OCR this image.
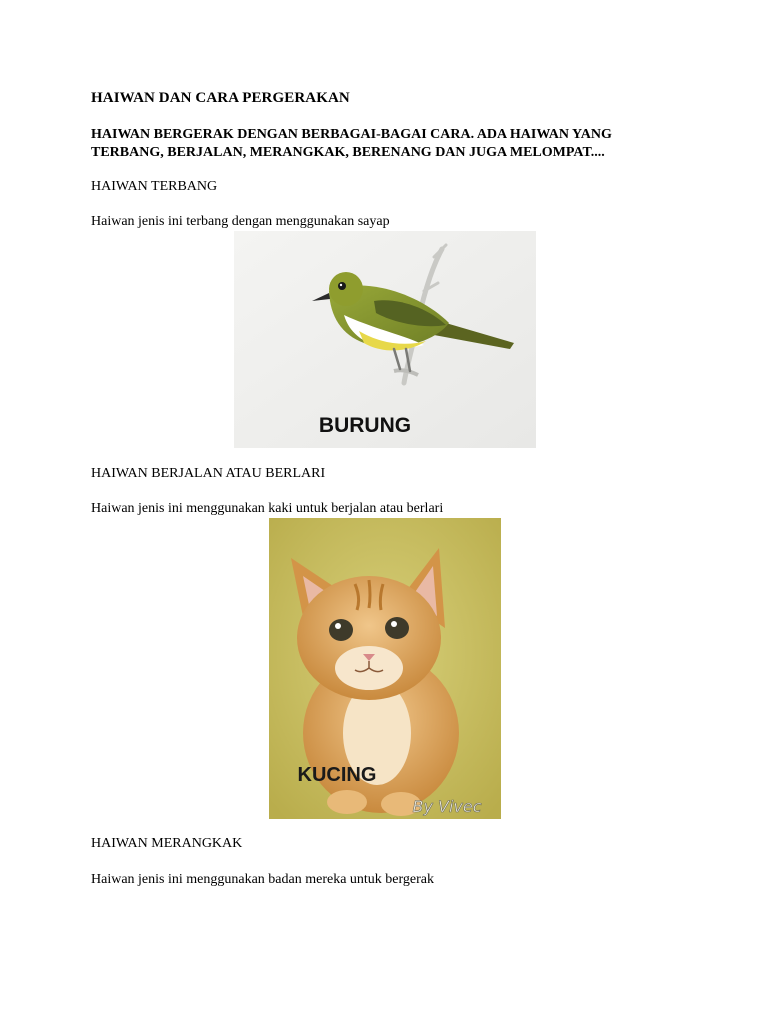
HAIWAN DAN CARA PERGERAKAN
HAIWAN BERGERAK DENGAN BERBAGAI-BAGAI CARA. ADA HAIWAN YANG
TERBANG, BERJALAN, MERANGKAK, BERENANG DAN JUGA MELOMPAT....

HAIWAN TERBANG

Haiwan jenis ini terbang dengan menggunakan sayap

BURUNG

HAIWAN BERJALAN ATAU BERLARI

Haiwan jenis ini menggunakan kaki untuk berjalan atau berlari

KUCING
By Vivec

HAIWAN MERANGKAK

Haiwan jenis ini menggunakan badan mereka untuk bergerak
